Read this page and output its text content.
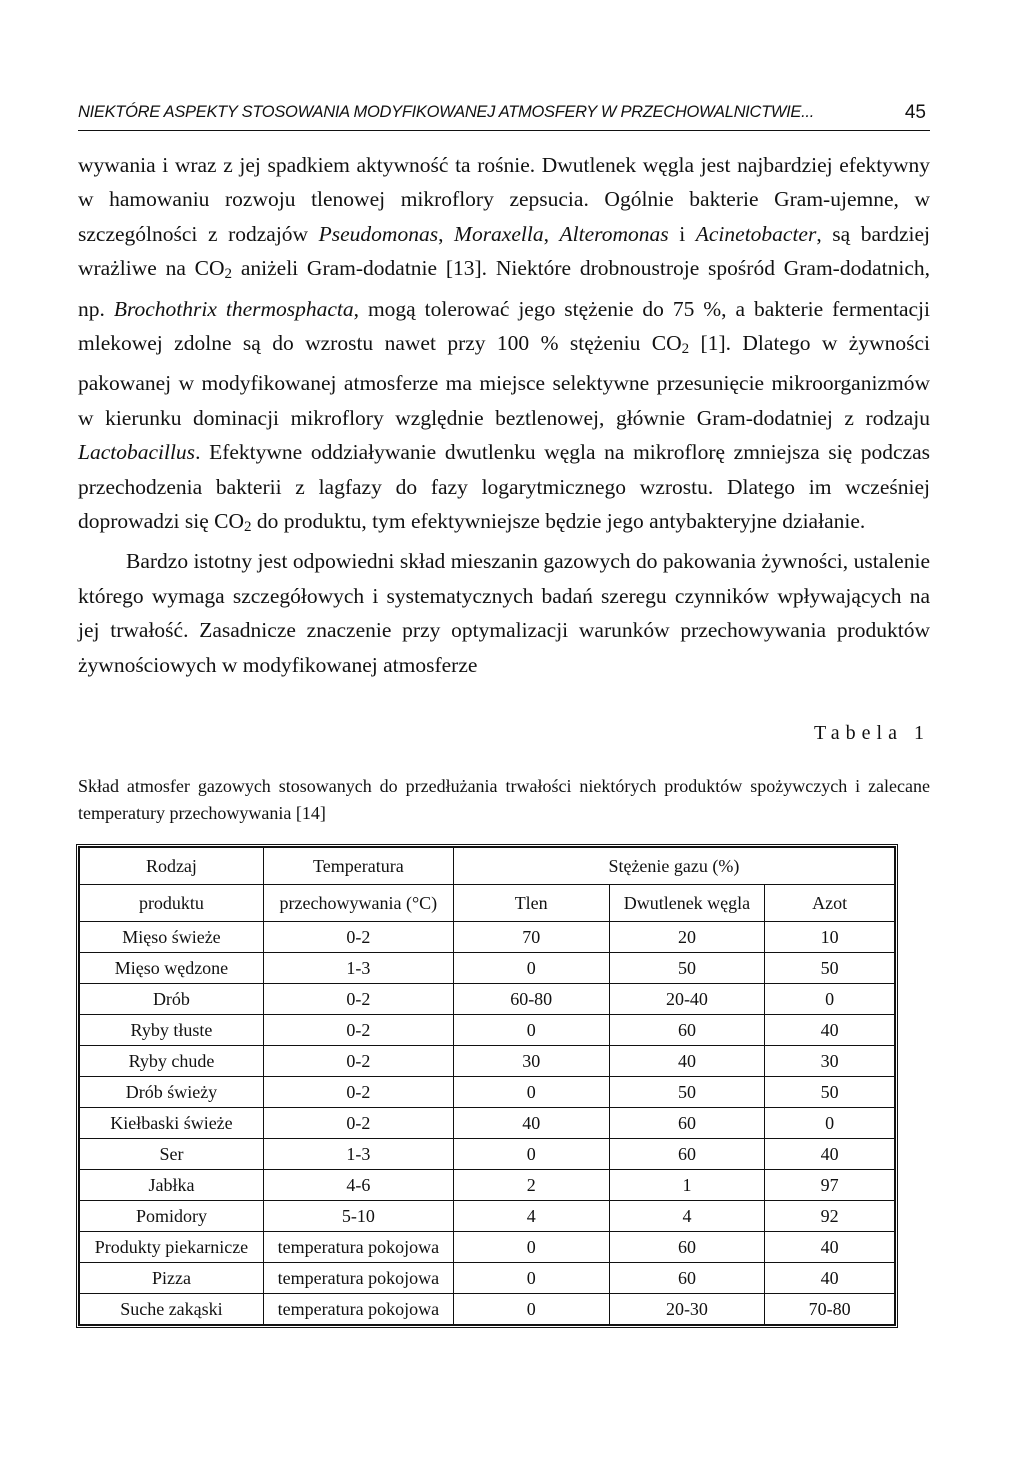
NIEKTÓRE ASPEKTY STOSOWANIA MODYFIKOWANEJ ATMOSFERY W PRZECHOWALNICTWIE...	45

wywania i wraz z jej spadkiem aktywność ta rośnie. Dwutlenek węgla jest najbardziej efektywny w hamowaniu rozwoju tlenowej mikroflory zepsucia. Ogólnie bakterie Gram-ujemne, w szczególności z rodzajów Pseudomonas, Moraxella, Alteromonas i Acinetobacter, są bardziej wrażliwe na $CO_2$ aniżeli Gram-dodatnie [13]. Niektóre drobnoustroje spośród Gram-dodatnich, np. Brochothrix thermosphacta, mogą tolerować jego stężenie do 75 %, a bakterie fermentacji mlekowej zdolne są do wzrostu nawet przy 100 % stężeniu $CO_2$ [1]. Dlatego w żywności pakowanej w modyfikowanej atmosferze ma miejsce selektywne przesunięcie mikroorganizmów w kierunku dominacji mikroflory względnie beztlenowej, głównie Gram-dodatniej z rodzaju Lactobacillus. Efektywne oddziaływanie dwutlenku węgla na mikroflorę zmniejsza się podczas przechodzenia bakterii z lagfazy do fazy logarytmicznego wzrostu. Dlatego im wcześniej doprowadzi się $CO_2$ do produktu, tym efektywniejsze będzie jego antybakteryjne działanie.

Bardzo istotny jest odpowiedni skład mieszanin gazowych do pakowania żywności, ustalenie którego wymaga szczegółowych i systematycznych badań szeregu czynników wpływających na jej trwałość. Zasadnicze znaczenie przy optymalizacji warunków przechowywania produktów żywnościowych w modyfikowanej atmosferze

Tabela 1
Skład atmosfer gazowych stosowanych do przedłużania trwałości niektórych produktów spożywczych i zalecane temperatury przechowywania [14]
Rodzaj	Temperatura	Stężenie gazu (%)		
produktu	przechowywania (°C)	Tlen	Dwutlenek węgla	Azot
Mięso świeże	0-2	70	20	10
Mięso wędzone	1-3	0	50	50
Drób	0-2	60-80	20-40	0
Ryby tłuste	0-2	0	60	40
Ryby chude	0-2	30	40	30
Drób świeży	0-2	0	50	50
Kiełbaski świeże	0-2	40	60	0
Ser	1-3	0	60	40
Jabłka	4-6	2	1	97
Pomidory	5-10	4	4	92
Produkty piekarnicze	temperatura pokojowa	0	60	40
Pizza	temperatura pokojowa	0	60	40
Suche zakąski	temperatura pokojowa	0	20-30	70-80
